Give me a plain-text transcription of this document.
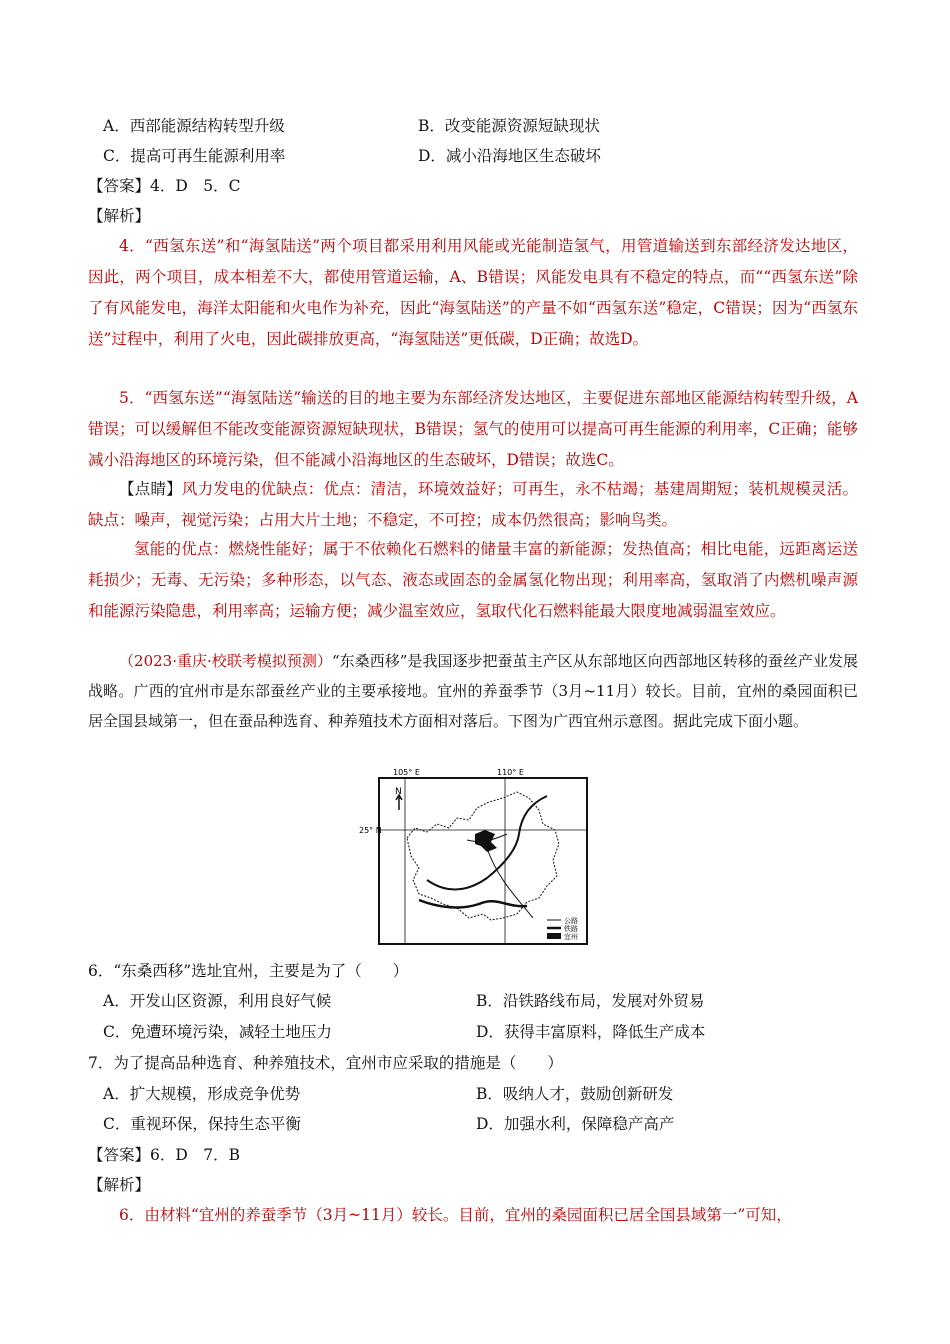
A．西部能源结构转型升级	B．改变能源资源短缺现状
C．提高可再生能源利用率	D．减小沿海地区生态破坏
【答案】4．D　5．C
【解析】
4．“西氢东送”和“海氢陆送”两个项目都采用利用风能或光能制造氢气，用管道输送到东部经济发达地区，因此，两个项目，成本相差不大，都使用管道运输，A、B错误；风能发电具有不稳定的特点，而““西氢东送”除了有风能发电，海洋太阳能和火电作为补充，因此“海氢陆送”的产量不如“西氢东送”稳定，C错误；因为“西氢东送”过程中，利用了火电，因此碳排放更高，“海氢陆送”更低碳，D正确；故选D。
5．“西氢东送”“海氢陆送”输送的目的地主要为东部经济发达地区，主要促进东部地区能源结构转型升级，A错误；可以缓解但不能改变能源资源短缺现状，B错误；氢气的使用可以提高可再生能源的利用率，C正确；能够减小沿海地区的环境污染，但不能减小沿海地区的生态破坏，D错误；故选C。
【点睛】风力发电的优缺点：优点：清洁，环境效益好；可再生，永不枯竭；基建周期短；装机规模灵活。缺点：噪声，视觉污染；占用大片土地；不稳定，不可控；成本仍然很高；影响鸟类。
氢能的优点：燃烧性能好；属于不依赖化石燃料的储量丰富的新能源；发热值高；相比电能，远距离运送耗损少；无毒、无污染；多种形态，以气态、液态或固态的金属氢化物出现；利用率高，氢取消了内燃机噪声源和能源污染隐患，利用率高；运输方便；减少温室效应，氢取代化石燃料能最大限度地减弱温室效应。
（2023·重庆·校联考模拟预测）“东桑西移”是我国逐步把蚕茧主产区从东部地区向西部地区转移的蚕丝产业发展战略。广西的宜州市是东部蚕丝产业的主要承接地。宜州的养蚕季节（3月~11月）较长。目前，宜州的桑园面积已居全国县域第一，但在蚕品种选育、种养殖技术方面相对落后。下图为广西宜州示意图。据此完成下面小题。
105° E	110° E
25° N
N
公路
铁路
宜州
6．“东桑西移”选址宜州，主要是为了（　　）
A．开发山区资源，利用良好气候	B．沿铁路线布局，发展对外贸易
C．免遭环境污染，减轻土地压力	D．获得丰富原料，降低生产成本
7．为了提高品种选育、种养殖技术，宜州市应采取的措施是（　　）
A．扩大规模，形成竞争优势	B．吸纳人才，鼓励创新研发
C．重视环保，保持生态平衡	D．加强水利，保障稳产高产
【答案】6．D　7．B
【解析】
6．由材料“宜州的养蚕季节（3月~11月）较长。目前，宜州的桑园面积已居全国县域第一”可知，
